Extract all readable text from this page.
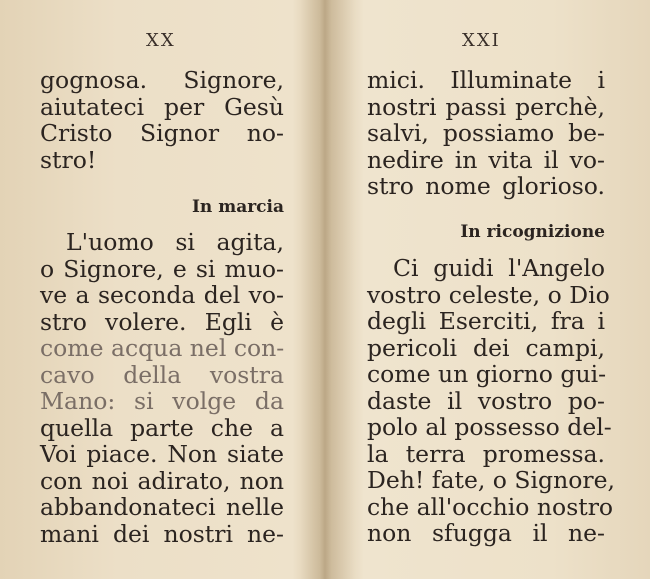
XX
gognosa. Signore,
aiutateci per Gesù
Cristo Signor no-
stro!
In marcia
L'uomo si agita,
o Signore, e si muo-
ve a seconda del vo-
stro volere. Egli è
come acqua nel con-
cavo della vostra
Mano: si volge da
quella parte che a
Voi piace. Non siate
con noi adirato, non
abbandonateci nelle
mani dei nostri ne-
XXI
mici. Illuminate i
nostri passi perchè,
salvi, possiamo be-
nedire in vita il vo-
stro nome glorioso.
In ricognizione
Ci guidi l'Angelo
vostro celeste, o Dio
degli Eserciti, fra i
pericoli dei campi,
come un giorno gui-
daste il vostro po-
polo al possesso del-
la terra promessa.
Deh! fate, o Signore,
che all'occhio nostro
non sfugga il ne-
